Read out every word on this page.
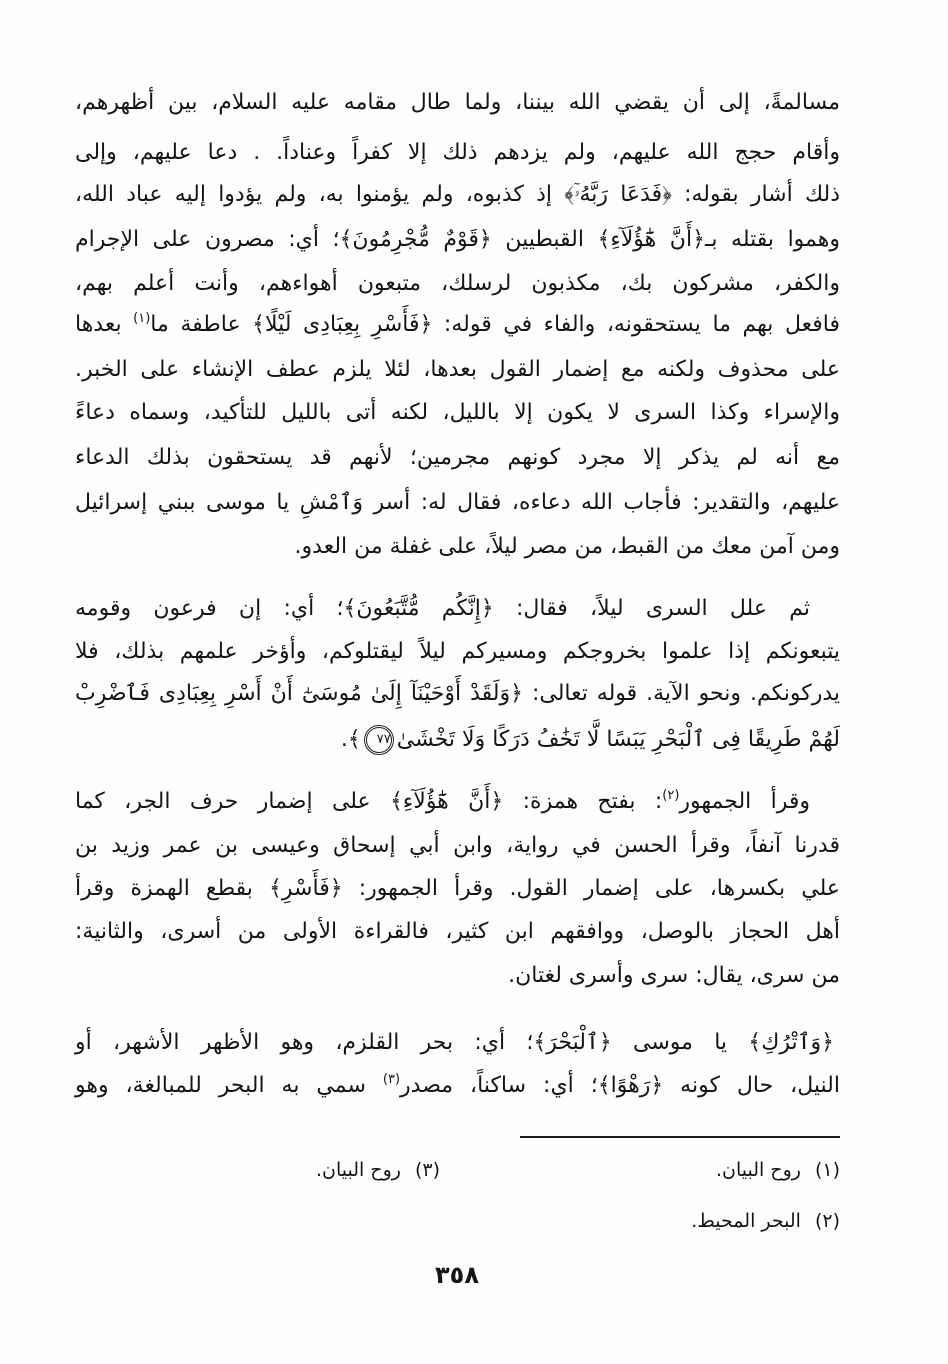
مسالمةً، إلى أن يقضي الله بيننا، ولما طال مقامه عليه السلام، بين أظهرهم،
وأقام حجج الله عليهم، ولم يزدهم ذلك إلا كفراً وعناداً. . دعا عليهم، وإلى
ذلك أشار بقوله: ﴿فَدَعَا رَبَّهُۥٓ﴾ إذ كذبوه، ولم يؤمنوا به، ولم يؤدوا إليه عباد الله،
وهموا بقتله بـ﴿أَنَّ هَٰٓؤُلَآءِ﴾ القبطيين ﴿قَوْمٌ مُّجْرِمُونَ﴾؛ أي: مصرون على الإجرام
والكفر، مشركون بك، مكذبون لرسلك، متبعون أهواءهم، وأنت أعلم بهم،
فافعل بهم ما يستحقونه، والفاء في قوله: ﴿فَأَسْرِ بِعِبَادِى لَيْلًا﴾ عاطفة ما$^{(١)}$ بعدها
على محذوف ولكنه مع إضمار القول بعدها، لئلا يلزم عطف الإنشاء على الخبر.
والإسراء وكذا السرى لا يكون إلا بالليل، لكنه أتى بالليل للتأكيد، وسماه دعاءً
مع أنه لم يذكر إلا مجرد كونهم مجرمين؛ لأنهم قد يستحقون بذلك الدعاء
عليهم، والتقدير: فأجاب الله دعاءه، فقال له: أسر وَٱمْشِ يا موسى ببني إسرائيل
ومن آمن معك من القبط، من مصر ليلاً، على غفلة من العدو.
ثم علل السرى ليلاً، فقال: ﴿إِنَّكُم مُّتَّبَعُونَ﴾؛ أي: إن فرعون وقومه
يتبعونكم إذا علموا بخروجكم ومسيركم ليلاً ليقتلوكم، وأؤخر علمهم بذلك، فلا
يدركونكم. ونحو الآية. قوله تعالى: ﴿وَلَقَدْ أَوْحَيْنَآ إِلَىٰ مُوسَىٰٓ أَنْ أَسْرِ بِعِبَادِى فَٱضْرِبْ
لَهُمْ طَرِيقًا فِى ٱلْبَحْرِ يَبَسًا لَّا تَخَٰفُ دَرَكًا وَلَا تَخْشَىٰ٧٧﴾.
وقرأ الجمهور$^{(٢)}$: بفتح همزة: ﴿أَنَّ هَٰٓؤُلَآءِ﴾ على إضمار حرف الجر، كما
قدرنا آنفاً، وقرأ الحسن في رواية، وابن أبي إسحاق وعيسى بن عمر وزيد بن
علي بكسرها، على إضمار القول. وقرأ الجمهور: ﴿فَأَسْرِ﴾ بقطع الهمزة وقرأ
أهل الحجاز بالوصل، ووافقهم ابن كثير، فالقراءة الأولى من أسرى، والثانية:
من سرى، يقال: سرى وأسرى لغتان.
﴿وَٱتْرُكِ﴾ يا موسى ﴿ٱلْبَحْرَ﴾؛ أي: بحر القلزم، وهو الأظهر الأشهر، أو
النيل، حال كونه ﴿رَهْوًا﴾؛ أي: ساكناً، مصدر$^{(٣)}$ سمي به البحر للمبالغة، وهو
(١)روح البيان.
(٣)روح البيان.
(٢)البحر المحيط.
٣٥٨
